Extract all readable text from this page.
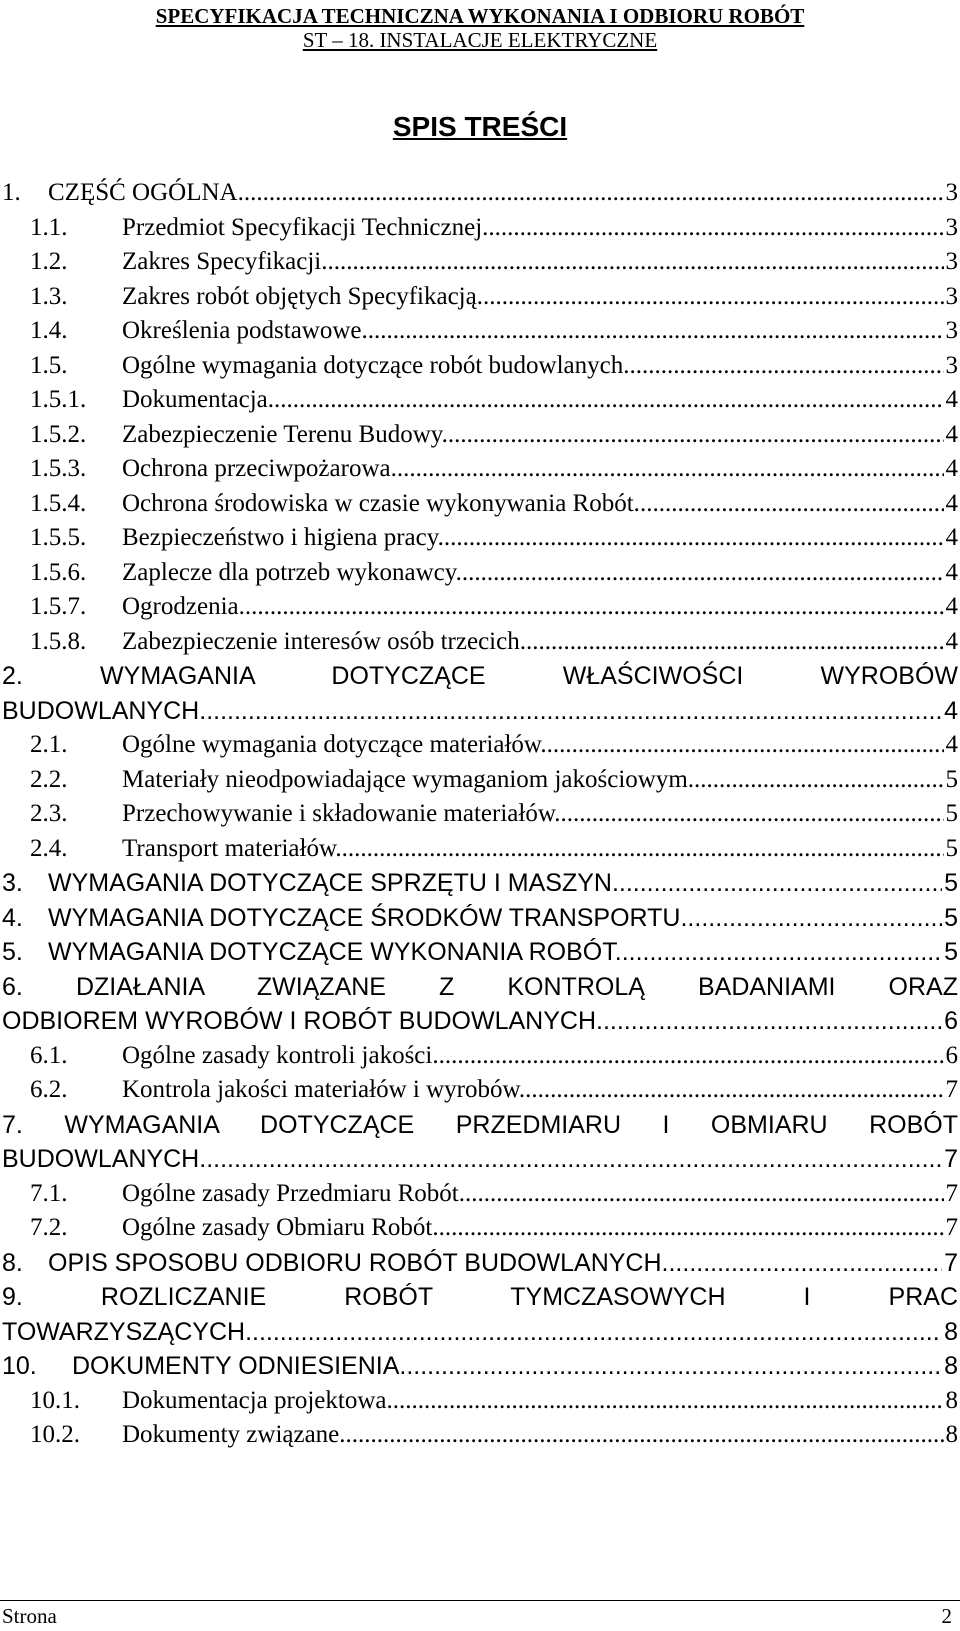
SPECYFIKACJA TECHNICZNA WYKONANIA I ODBIORU ROBÓT
ST – 18. INSTALACJE ELEKTRYCZNE
SPIS TREŚCI
1.	CZĘŚĆ OGÓLNA. .....	3
1.1.	Przedmiot Specyfikacji Technicznej. .....	3
1.2.	Zakres Specyfikacji. .....	3
1.3.	Zakres robót objętych Specyfikacją. .....	3
1.4.	Określenia podstawowe. .....	3
1.5.	Ogólne wymagania dotyczące robót budowlanych. .....	3
1.5.1.	Dokumentacja. .....	4
1.5.2.	Zabezpieczenie Terenu Budowy. .....	4
1.5.3.	Ochrona przeciwpożarowa. .....	4
1.5.4.	Ochrona środowiska w czasie wykonywania Robót. .....	4
1.5.5.	Bezpieczeństwo i higiena pracy. .....	4
1.5.6.	Zaplecze dla potrzeb wykonawcy. .....	4
1.5.7.	Ogrodzenia. .....	4
1.5.8.	Zabezpieczenie interesów osób trzecich. .....	4
2.	WYMAGANIA DOTYCZĄCE WŁAŚCIWOŚCI WYROBÓW
BUDOWLANYCH. .....	4
2.1.	Ogólne wymagania dotyczące materiałów. .....	4
2.2.	Materiały nieodpowiadające wymaganiom jakościowym. .....	5
2.3.	Przechowywanie i składowanie materiałów. .....	5
2.4.	Transport materiałów. .....	5
3.	WYMAGANIA DOTYCZĄCE SPRZĘTU I MASZYN. .....	5
4.	WYMAGANIA DOTYCZĄCE ŚRODKÓW TRANSPORTU. .....	5
5.	WYMAGANIA DOTYCZĄCE WYKONANIA ROBÓT. .....	5
6. DZIAŁANIA ZWIĄZANE Z KONTROLĄ BADANIAMI ORAZ
ODBIOREM WYROBÓW I ROBÓT BUDOWLANYCH. .....	6
6.1.	Ogólne zasady kontroli jakości. .....	6
6.2.	Kontrola jakości materiałów i wyrobów. .....	7
7. WYMAGANIA DOTYCZĄCE PRZEDMIARU I OBMIARU ROBÓT
BUDOWLANYCH. .....	7
7.1.	Ogólne zasady Przedmiaru Robót. .....	7
7.2.	Ogólne zasady Obmiaru Robót. .....	7
8.	OPIS SPOSOBU ODBIORU ROBÓT BUDOWLANYCH. .....	7
9.	ROZLICZANIE ROBÓT TYMCZASOWYCH I PRAC
TOWARZYSZĄCYCH. .....	8
10.	DOKUMENTY ODNIESIENIA. .....	8
10.1.	Dokumentacja projektowa. .....	8
10.2.	Dokumenty związane. .....	8
Strona	2
